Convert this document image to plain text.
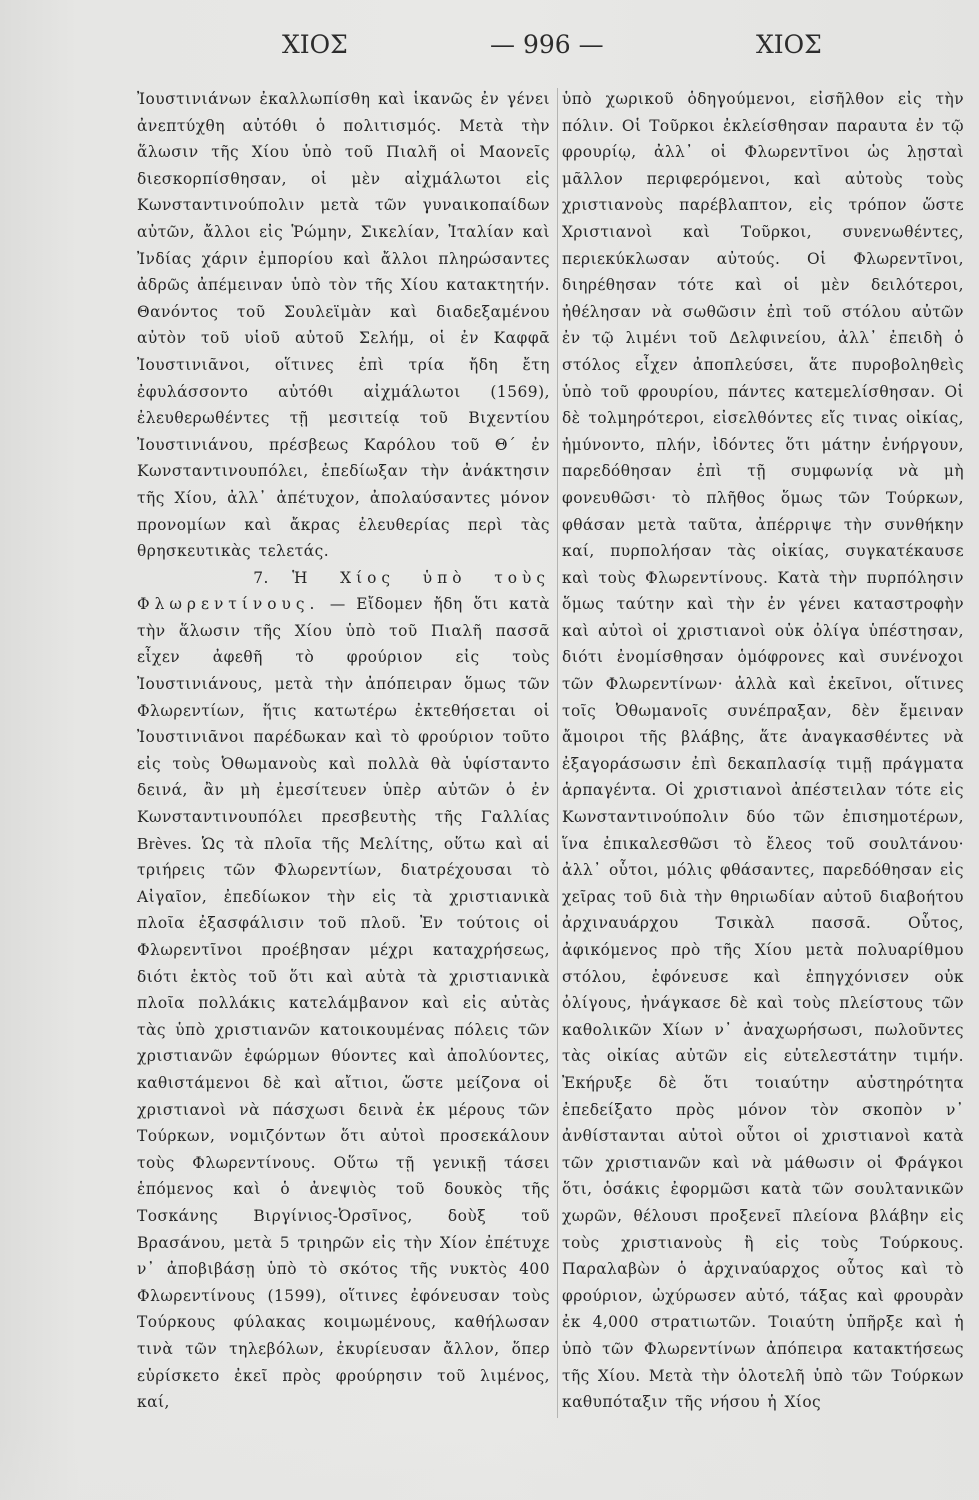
ΧΙΟΣ	— 996 —	ΧΙΟΣ

Ἰουστινιάνων ἐκαλλωπίσθη καὶ ἱκανῶς ἐν γένει ἀνεπτύχθη αὐτόθι ὁ πολιτισμός. Μετὰ τὴν ἅλωσιν τῆς Χίου ὑπὸ τοῦ Πιαλῆ οἱ Μαονεῖς διεσκορπίσθησαν, οἱ μὲν αἰχμάλωτοι εἰς Κωνσταντινούπολιν μετὰ τῶν γυναικοπαίδων αὐτῶν, ἄλλοι εἰς Ῥώμην, Σικελίαν, Ἰταλίαν καὶ Ἰνδίας χάριν ἐμπορίου καὶ ἄλλοι πληρώσαντες ἀδρῶς ἀπέμειναν ὑπὸ τὸν τῆς Χίου κατακτητήν. Θανόντος τοῦ Σουλεϊμὰν καὶ διαδεξαμένου αὐτὸν τοῦ υἱοῦ αὐτοῦ Σελήμ, οἱ ἐν Καφφᾶ Ἰουστινιᾶνοι, οἵτινες ἐπὶ τρία ἤδη ἔτη ἐφυλάσσοντο αὐτόθι αἰχμάλωτοι (1569), ἐλευθερωθέντες τῇ μεσιτείᾳ τοῦ Βιχεντίου Ἰουστινιάνου, πρέσβεως Καρόλου τοῦ Θ΄ ἐν Κωνσταντινουπόλει, ἐπεδίωξαν τὴν ἀνάκτησιν τῆς Χίου, ἀλλ᾽ ἀπέτυχον, ἀπολαύσαντες μόνον προνομίων καὶ ἄκρας ἐλευθερίας περὶ τὰς θρησκευτικὰς τελετάς.

7. Ἡ Χίος ὑπὸ τοὺς Φλωρεντίνους. — Εἴδομεν ἤδη ὅτι κατὰ τὴν ἅλωσιν τῆς Χίου ὑπὸ τοῦ Πιαλῆ πασσᾶ εἶχεν ἀφεθῆ τὸ φρούριον εἰς τοὺς Ἰουστινιάνους, μετὰ τὴν ἀπόπειραν ὅμως τῶν Φλωρεντίων, ἥτις κατωτέρω ἐκτεθήσεται οἱ Ἰουστινιᾶνοι παρέδωκαν καὶ τὸ φρούριον τοῦτο εἰς τοὺς Ὀθωμανοὺς καὶ πολλὰ θὰ ὑφίσταντο δεινά, ἂν μὴ ἐμεσίτευεν ὑπὲρ αὐτῶν ὁ ἐν Κωνσταντινουπόλει πρεσβευτὴς τῆς Γαλλίας Brèves. Ὡς τὰ πλοῖα τῆς Μελίτης, οὕτω καὶ αἱ τριήρεις τῶν Φλωρεντίων, διατρέχουσαι τὸ Αἰγαῖον, ἐπεδίωκον τὴν εἰς τὰ χριστιανικὰ πλοῖα ἐξασφάλισιν τοῦ πλοῦ. Ἐν τούτοις οἱ Φλωρεντῖνοι προέβησαν μέχρι καταχρήσεως, διότι ἐκτὸς τοῦ ὅτι καὶ αὐτὰ τὰ χριστιανικὰ πλοῖα πολλάκις κατελάμβανον καὶ εἰς αὐτὰς τὰς ὑπὸ χριστιανῶν κατοικουμένας πόλεις τῶν χριστιανῶν ἐφώρμων θύοντες καὶ ἀπολύοντες, καθιστάμενοι δὲ καὶ αἴτιοι, ὥστε μείζονα οἱ χριστιανοὶ νὰ πάσχωσι δεινὰ ἐκ μέρους τῶν Τούρκων, νομιζόντων ὅτι αὐτοὶ προσεκάλουν τοὺς Φλωρεντίνους. Οὕτω τῇ γενικῇ τάσει ἑπόμενος καὶ ὁ ἀνεψιὸς τοῦ δουκὸς τῆς Τοσκάνης Βιργίνιος-Ὀρσῖνος, δοὺξ τοῦ Βρασάνου, μετὰ 5 τριηρῶν εἰς τὴν Χίον ἐπέτυχε ν᾽ ἀποβιβάσῃ ὑπὸ τὸ σκότος τῆς νυκτὸς 400 Φλωρεντίνους (1599), οἵτινες ἐφόνευσαν τοὺς Τούρκους φύλακας κοιμωμένους, καθήλωσαν τινὰ τῶν τηλεβόλων, ἐκυρίευσαν ἄλλον, ὅπερ εὑρίσκετο ἐκεῖ πρὸς φρούρησιν τοῦ λιμένος, καί,

ὑπὸ χωρικοῦ ὁδηγούμενοι, εἰσῆλθον εἰς τὴν πόλιν. Οἱ Τοῦρκοι ἐκλείσθησαν παραυτα ἐν τῷ φρουρίῳ, ἀλλ᾽ οἱ Φλωρεντῖνοι ὡς λῃσταὶ μᾶλλον περιφερόμενοι, καὶ αὐτοὺς τοὺς χριστιανοὺς παρέβλαπτον, εἰς τρόπον ὥστε Χριστιανοὶ καὶ Τοῦρκοι, συνενωθέντες, περιεκύκλωσαν αὐτούς. Οἱ Φλωρεντῖνοι, διηρέθησαν τότε καὶ οἱ μὲν δειλότεροι, ἠθέλησαν νὰ σωθῶσιν ἐπὶ τοῦ στόλου αὐτῶν ἐν τῷ λιμένι τοῦ Δελφινείου, ἀλλ᾽ ἐπειδὴ ὁ στόλος εἶχεν ἀποπλεύσει, ἅτε πυροβοληθεὶς ὑπὸ τοῦ φρουρίου, πάντες κατεμελίσθησαν. Οἱ δὲ τολμηρότεροι, εἰσελθόντες εἴς τινας οἰκίας, ἠμύνοντο, πλήν, ἰδόντες ὅτι μάτην ἐνήργουν, παρεδόθησαν ἐπὶ τῇ συμφωνίᾳ νὰ μὴ φονευθῶσι· τὸ πλῆθος ὅμως τῶν Τούρκων, φθάσαν μετὰ ταῦτα, ἀπέρριψε τὴν συνθήκην καί, πυρπολήσαν τὰς οἰκίας, συγκατέκαυσε καὶ τοὺς Φλωρεντίνους. Κατὰ τὴν πυρπόλησιν ὅμως ταύτην καὶ τὴν ἐν γένει καταστροφὴν καὶ αὐτοὶ οἱ χριστιανοὶ οὐκ ὀλίγα ὑπέστησαν, διότι ἐνομίσθησαν ὁμόφρονες καὶ συνένοχοι τῶν Φλωρεντίνων· ἀλλὰ καὶ ἐκεῖνοι, οἵτινες τοῖς Ὀθωμανοῖς συνέπραξαν, δὲν ἔμειναν ἄμοιροι τῆς βλάβης, ἅτε ἀναγκασθέντες νὰ ἐξαγοράσωσιν ἐπὶ δεκαπλασίᾳ τιμῇ πράγματα ἁρπαγέντα. Οἱ χριστιανοὶ ἀπέστειλαν τότε εἰς Κωνσταντινούπολιν δύο τῶν ἐπισημοτέρων, ἵνα ἐπικαλεσθῶσι τὸ ἔλεος τοῦ σουλτάνου· ἀλλ᾽ οὗτοι, μόλις φθάσαντες, παρεδόθησαν εἰς χεῖρας τοῦ διὰ τὴν θηριωδίαν αὐτοῦ διαβοήτου ἀρχιναυάρχου Τσικὰλ πασσᾶ. Οὗτος, ἀφικόμενος πρὸ τῆς Χίου μετὰ πολυαρίθμου στόλου, ἐφόνευσε καὶ ἐπηγχόνισεν οὐκ ὀλίγους, ἠνάγκασε δὲ καὶ τοὺς πλείστους τῶν καθολικῶν Χίων ν᾽ ἀναχωρήσωσι, πωλοῦντες τὰς οἰκίας αὐτῶν εἰς εὐτελεστάτην τιμήν. Ἐκήρυξε δὲ ὅτι τοιαύτην αὐστηρότητα ἐπεδείξατο πρὸς μόνον τὸν σκοπὸν ν᾽ ἀνθίστανται αὐτοὶ οὗτοι οἱ χριστιανοὶ κατὰ τῶν χριστιανῶν καὶ νὰ μάθωσιν οἱ Φράγκοι ὅτι, ὁσάκις ἐφορμῶσι κατὰ τῶν σουλτανικῶν χωρῶν, θέλουσι προξενεῖ πλείονα βλάβην εἰς τοὺς χριστιανοὺς ἢ εἰς τοὺς Τούρκους. Παραλαβὼν ὁ ἀρχιναύαρχος οὗτος καὶ τὸ φρούριον, ὠχύρωσεν αὐτό, τάξας καὶ φρουρὰν ἐκ 4,000 στρατιωτῶν. Τοιαύτη ὑπῆρξε καὶ ἡ ὑπὸ τῶν Φλωρεντίνων ἀπόπειρα κατακτήσεως τῆς Χίου. Μετὰ τὴν ὁλοτελῆ ὑπὸ τῶν Τούρκων καθυπόταξιν τῆς νήσου ἡ Χίος
